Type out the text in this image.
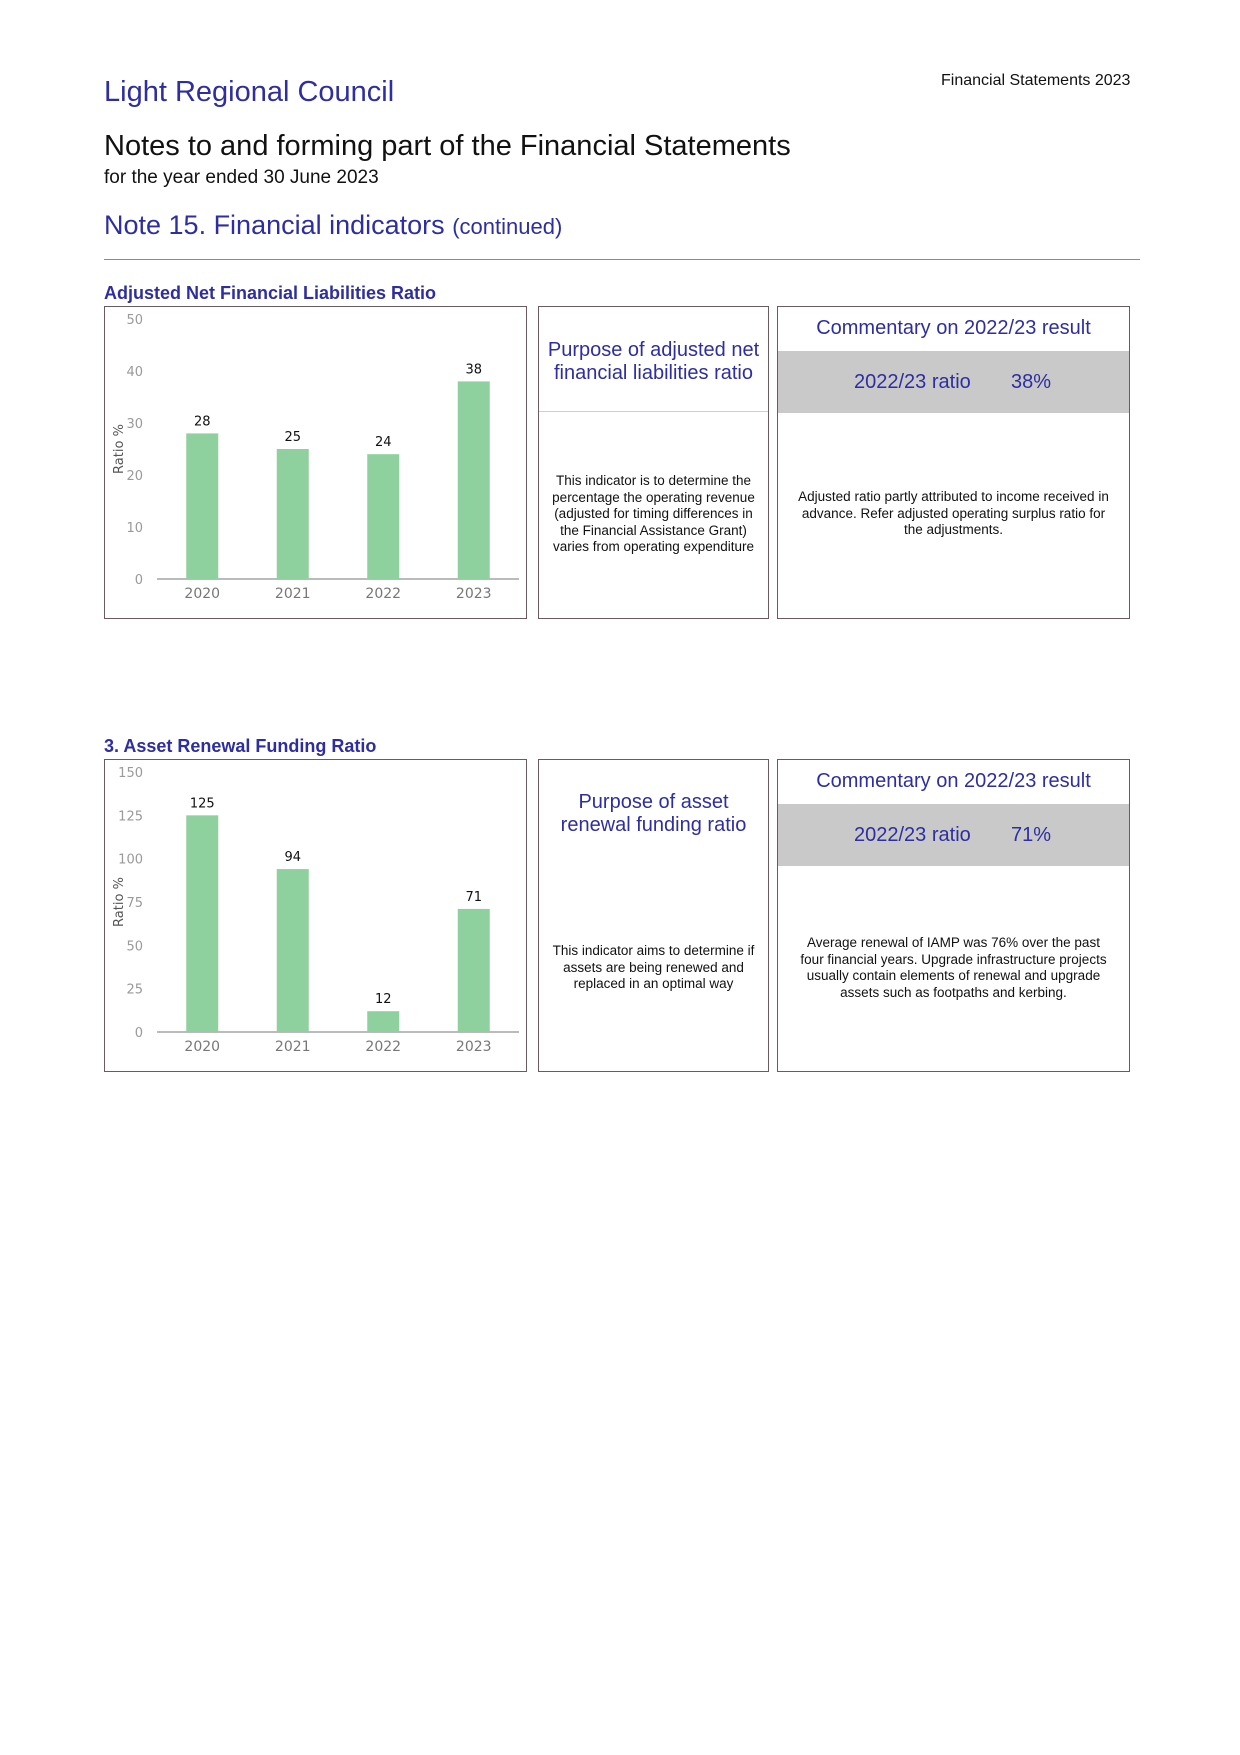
Light Regional Council	Financial Statements 2023
Notes to and forming part of the Financial Statements
for the year ended 30 June 2023
Note 15. Financial indicators (continued)
Adjusted Net Financial Liabilities Ratio
0
10
20
30
40
50
Ratio %
28
2020
25
2021
24
2022
38
2023
Purpose of adjusted net
financial liabilities ratio
This indicator is to determine the
percentage the operating revenue
(adjusted for timing differences in
the Financial Assistance Grant)
varies from operating expenditure
Commentary on 2022/23 result
2022/23 ratio 38%
Adjusted ratio partly attributed to income received in
advance. Refer adjusted operating surplus ratio for
the adjustments.
3. Asset Renewal Funding Ratio
0
25
50
75
100
125
150
Ratio %
125
2020
94
2021
12
2022
71
2023
Purpose of asset
renewal funding ratio
This indicator aims to determine if
assets are being renewed and
replaced in an optimal way
Commentary on 2022/23 result
2022/23 ratio 71%
Average renewal of IAMP was 76% over the past
four financial years. Upgrade infrastructure projects
usually contain elements of renewal and upgrade
assets such as footpaths and kerbing.
